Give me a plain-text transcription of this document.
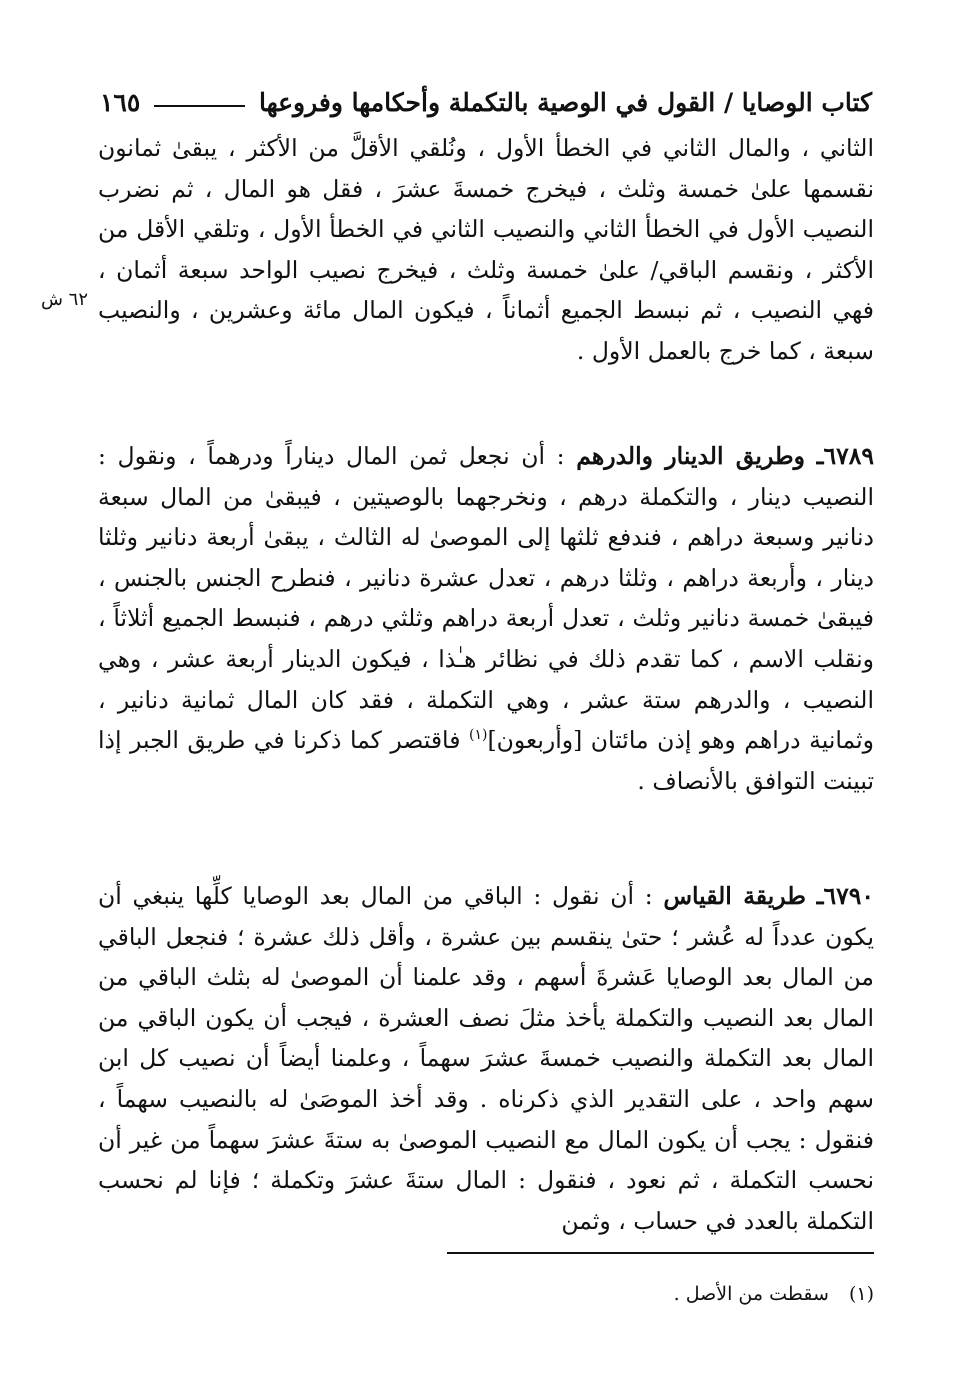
كتاب الوصايا / القول في الوصية بالتكملة وأحكامها وفروعها
١٦٥
٦٢ ش

الثاني ، والمال الثاني في الخطأ الأول ، ونُلقي الأقلَّ من الأكثر ، يبقىٰ ثمانون نقسمها علىٰ خمسة وثلث ، فيخرج خمسةَ عشرَ ، فقل هو المال ، ثم نضرب النصيب الأول في الخطأ الثاني والنصيب الثاني في الخطأ الأول ، وتلقي الأقل من الأكثر ، ونقسم الباقي/ علىٰ خمسة وثلث ، فيخرج نصيب الواحد سبعة أثمان ، فهي النصيب ، ثم نبسط الجميع أثماناً ، فيكون المال مائة وعشرين ، والنصيب سبعة ، كما خرج بالعمل الأول .

٦٧٨٩ـ وطريق الدينار والدرهم : أن نجعل ثمن المال ديناراً ودرهماً ، ونقول : النصيب دينار ، والتكملة درهم ، ونخرجهما بالوصيتين ، فيبقىٰ من المال سبعة دنانير وسبعة دراهم ، فندفع ثلثها إلى الموصىٰ له الثالث ، يبقىٰ أربعة دنانير وثلثا دينار ، وأربعة دراهم ، وثلثا درهم ، تعدل عشرة دنانير ، فنطرح الجنس بالجنس ، فيبقىٰ خمسة دنانير وثلث ، تعدل أربعة دراهم وثلثي درهم ، فنبسط الجميع أثلاثاً ، ونقلب الاسم ، كما تقدم ذلك في نظائر هـٰذا ، فيكون الدينار أربعة عشر ، وهي النصيب ، والدرهم ستة عشر ، وهي التكملة ، فقد كان المال ثمانية دنانير ، وثمانية دراهم وهو إذن مائتان [وأربعون]$^{(١)}$ فاقتصر كما ذكرنا في طريق الجبر إذا تبينت التوافق بالأنصاف .

٦٧٩٠ـ طريقة القياس : أن نقول : الباقي من المال بعد الوصايا كلِّها ينبغي أن يكون عدداً له عُشر ؛ حتىٰ ينقسم بين عشرة ، وأقل ذلك عشرة ؛ فنجعل الباقي من المال بعد الوصايا عَشرةَ أسهم ، وقد علمنا أن الموصىٰ له بثلث الباقي من المال بعد النصيب والتكملة يأخذ مثلَ نصف العشرة ، فيجب أن يكون الباقي من المال بعد التكملة والنصيب خمسةَ عشرَ سهماً ، وعلمنا أيضاً أن نصيب كل ابن سهم واحد ، على التقدير الذي ذكرناه . وقد أخذ الموصَىٰ له بالنصيب سهماً ، فنقول : يجب أن يكون المال مع النصيب الموصىٰ به ستةَ عشرَ سهماً من غير أن نحسب التكملة ، ثم نعود ، فنقول : المال ستةَ عشرَ وتكملة ؛ فإنا لم نحسب التكملة بالعدد في حساب ، وثمن

(١) سقطت من الأصل .
